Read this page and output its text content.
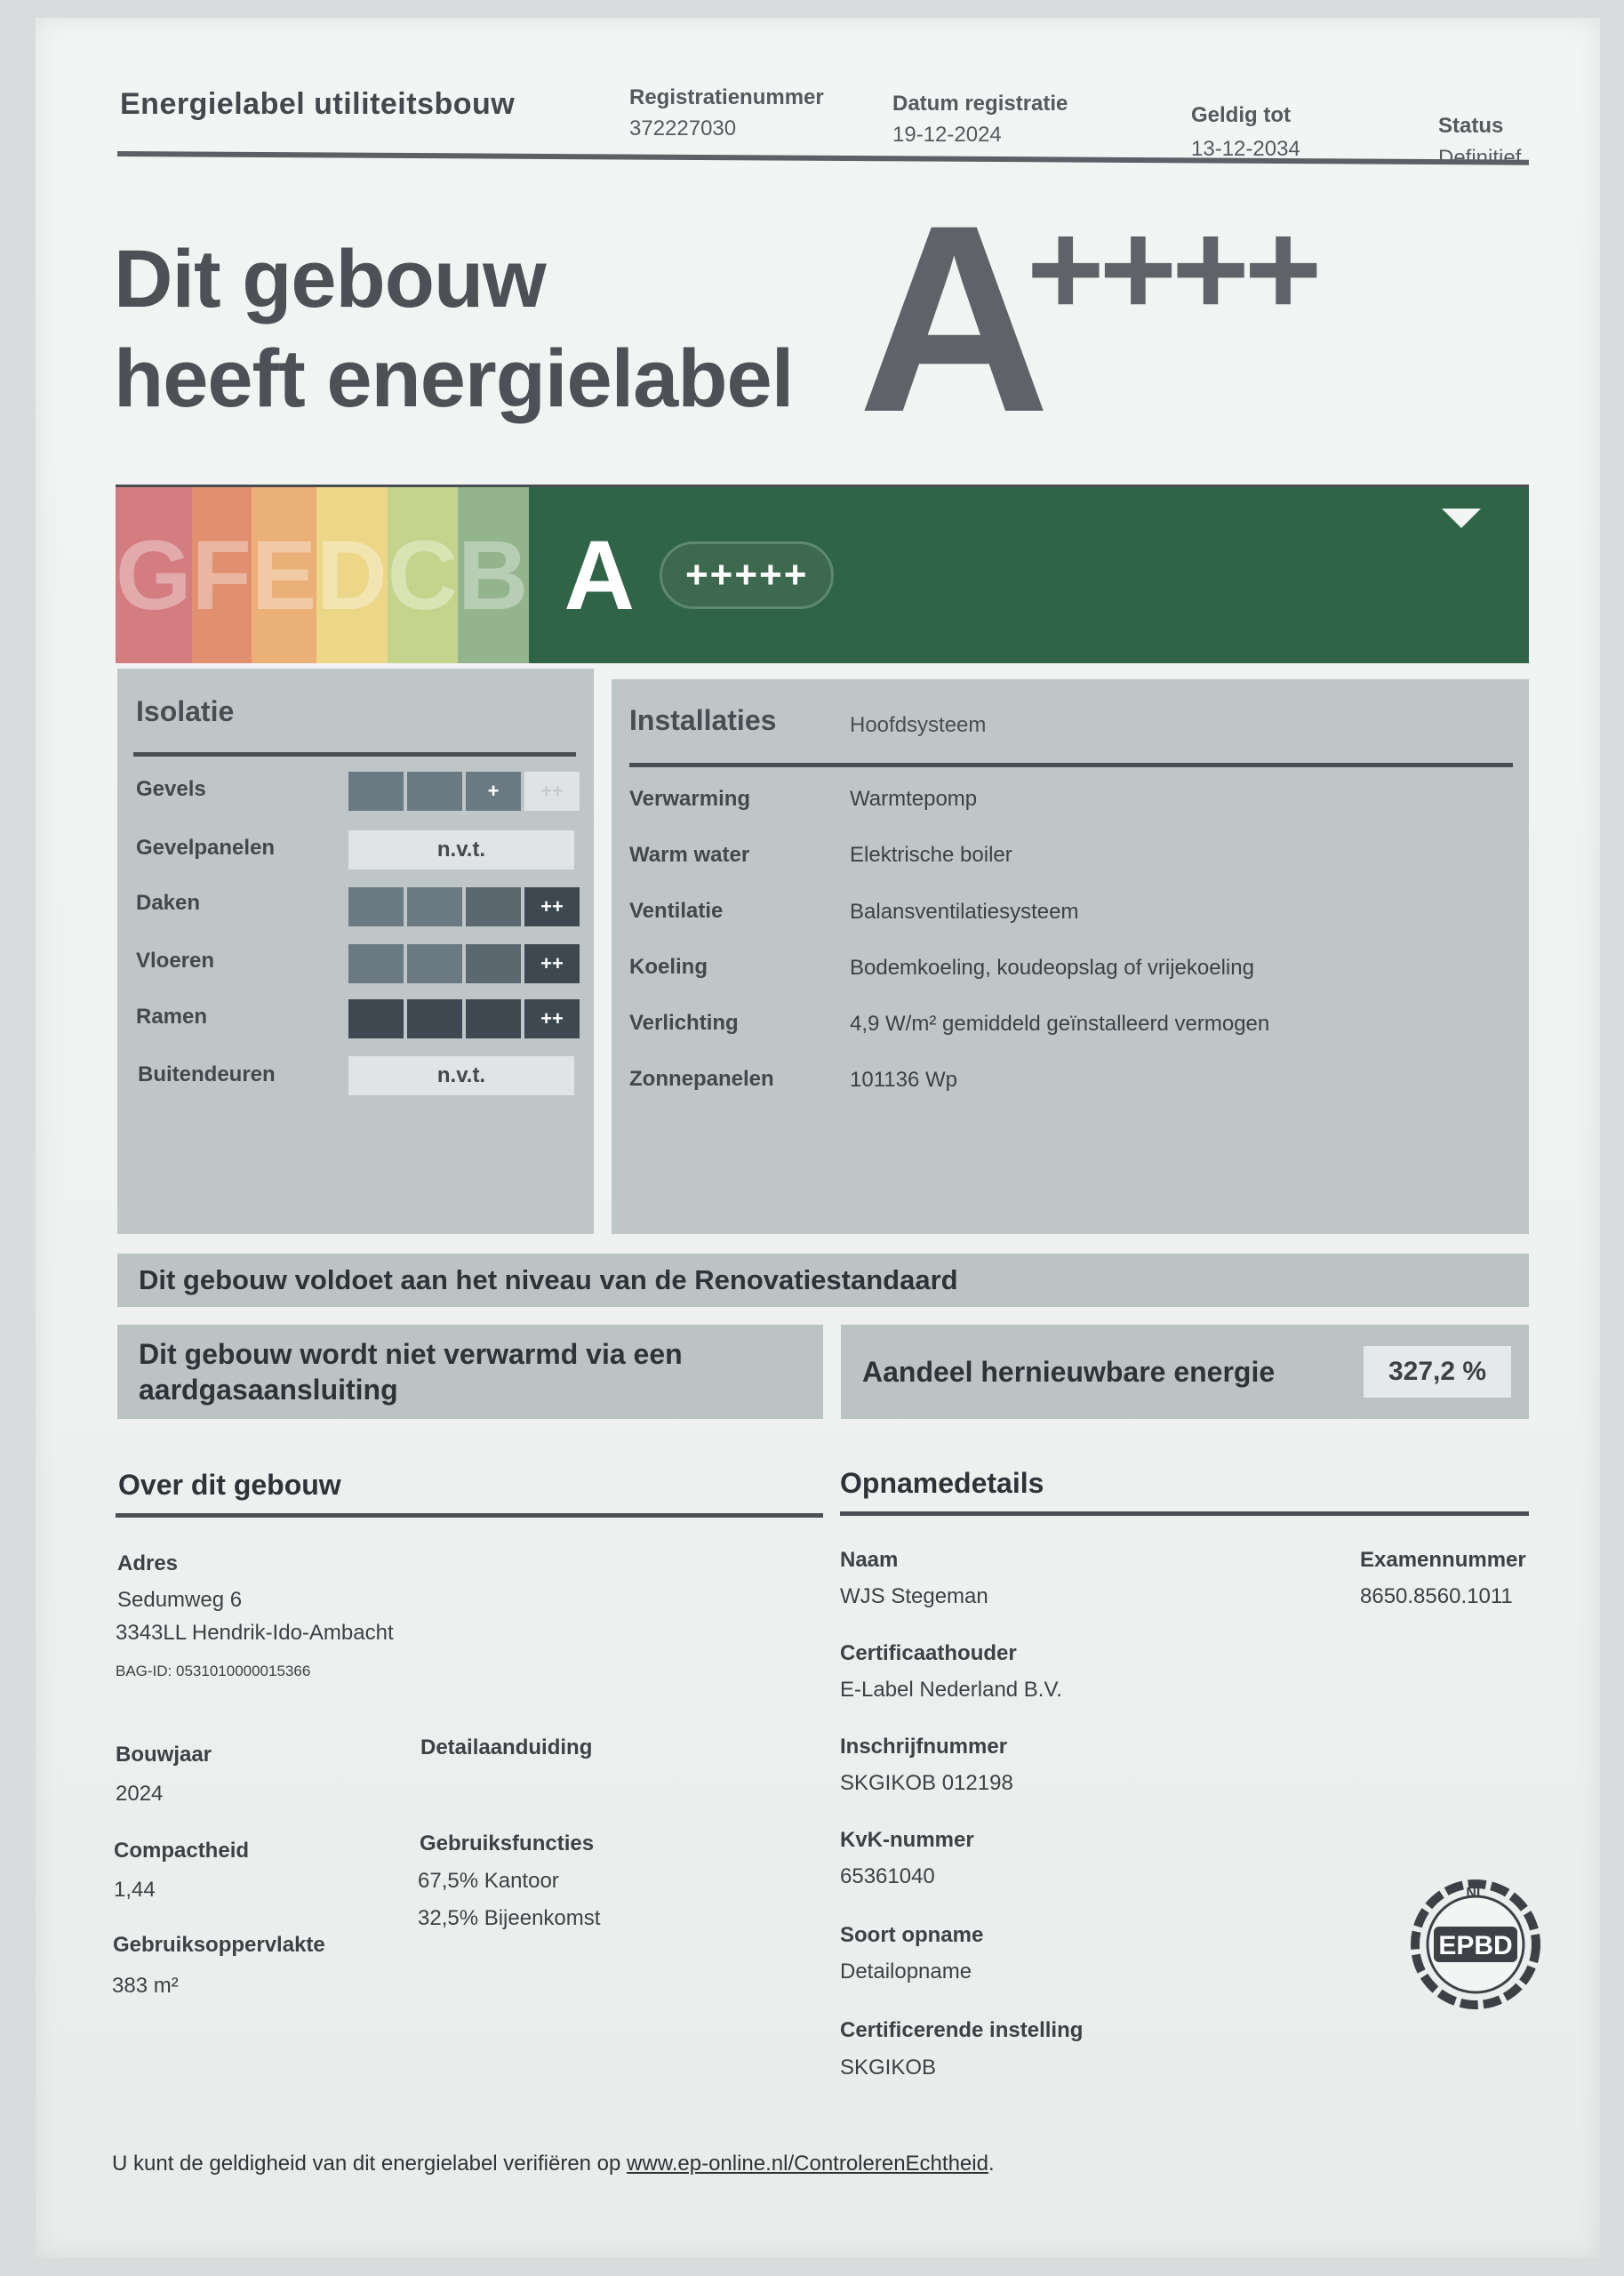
Energielabel utiliteitsbouw	Registratienummer
372227030
Datum registratie
19-12-2024
Geldig tot
13-12-2034
Status
Definitief
Dit gebouw
heeft energielabel A
++++
G F E D C B A	+++++
Isolatie
Gevels	+	++
Gevelpanelen	n.v.t.
Daken	++
Vloeren	++
Ramen	++
Buitendeuren	n.v.t.
Installaties	Hoofdsysteem
Verwarming	Warmtepomp
Warm water	Elektrische boiler
Ventilatie	Balansventilatiesysteem
Koeling	Bodemkoeling, koudeopslag of vrijekoeling
Verlichting	4,9 W/m² gemiddeld geïnstalleerd vermogen
Zonnepanelen	101136 Wp
Dit gebouw voldoet aan het niveau van de Renovatiestandaard
Dit gebouw wordt niet verwarmd via een
aardgasaansluiting
Aandeel hernieuwbare energie	327,2 %
Over dit gebouw
Adres
Sedumweg 6
3343LL Hendrik-Ido-Ambacht
BAG-ID: 0531010000015366
Bouwjaar
2024
Detailaanduiding
Compactheid
1,44
Gebruiksfuncties
67,5% Kantoor
32,5% Bijeenkomst
Gebruiksoppervlakte
383 m²
Opnamedetails
Naam
WJS Stegeman
Examennummer
8650.8560.1011
Certificaathouder
E-Label Nederland B.V.
Inschrijfnummer
SKGIKOB 012198
KvK-nummer
65361040
Soort opname
Detailopname
Certificerende instelling
SKGIKOB
EPBD
NL
U kunt de geldigheid van dit energielabel verifiëren op www.ep-online.nl/ControlerenEchtheid.
